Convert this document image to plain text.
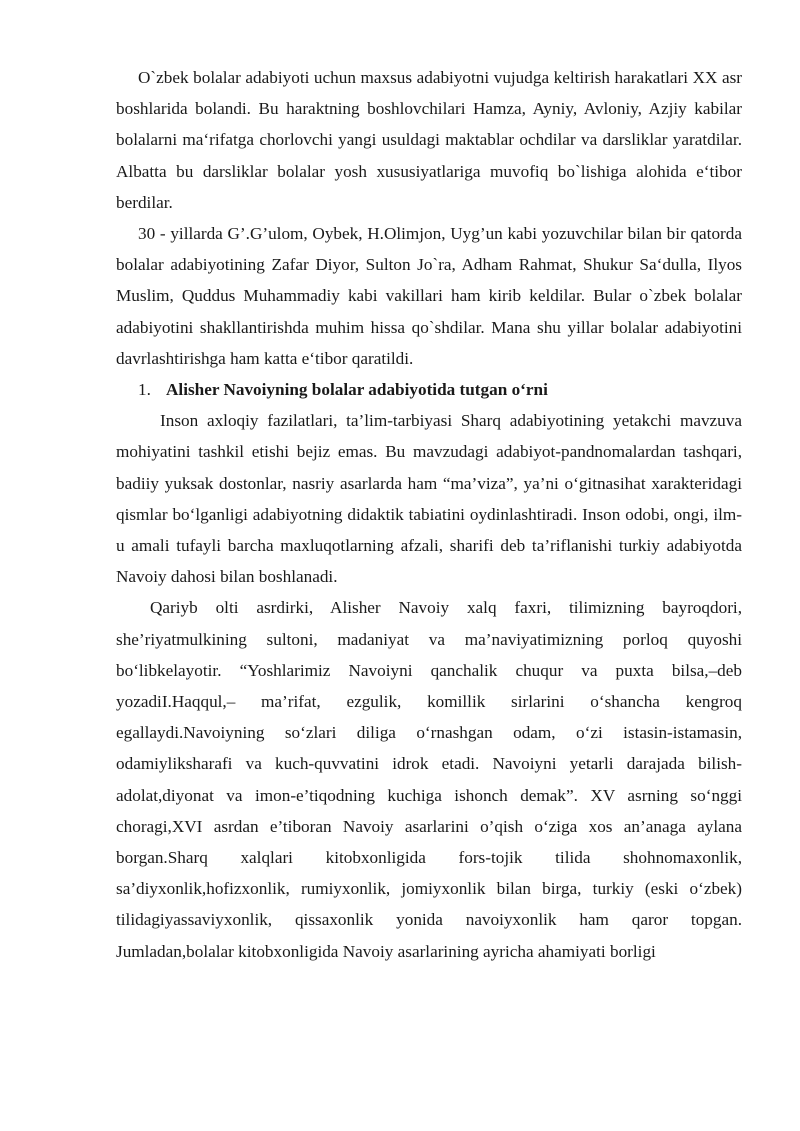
O`zbek bolalar adabiyoti uchun maxsus adabiyotni vujudga keltirish harakatlari XX asr boshlarida bolandi. Bu haraktning boshlovchilari Hamza, Ayniy, Avloniy, Azjiy kabilar bolalarni maʻrifatga chorlovchi yangi usuldagi maktablar ochdilar va darsliklar yaratdilar. Albatta bu darsliklar bolalar yosh xususiyatlariga muvofiq bo`lishiga alohida eʻtibor berdilar.

30 - yillarda G’.G’ulom, Oybek, H.Olimjon, Uyg’un kabi yozuvchilar bilan bir qatorda bolalar adabiyotining Zafar Diyor, Sulton Jo`ra, Adham Rahmat, Shukur Saʻdulla, Ilyos Muslim, Quddus Muhammadiy kabi vakillari ham kirib keldilar. Bular o`zbek bolalar adabiyotini shakllantirishda muhim hissa qo`shdilar. Mana shu yillar bolalar adabiyotini davrlashtirishga ham katta eʻtibor qaratildi.

1. Alisher Navoiyning bolalar adabiyotida tutgan oʻrni

Inson axloqiy fazilatlari, ta’lim-tarbiyasi Sharq adabiyotining yetakchi mavzuva mohiyatini tashkil etishi bejiz emas. Bu mavzudagi adabiyot-pandnomalardan tashqari, badiiy yuksak dostonlar, nasriy asarlarda ham “ma’viza”, ya’ni oʻgitnasihat xarakteridagi qismlar boʻlganligi adabiyotning didaktik tabiatini oydinlashtiradi. Inson odobi, ongi, ilm-u amali tufayli barcha maxluqotlarning afzali, sharifi deb ta’riflanishi turkiy adabiyotda Navoiy dahosi bilan boshlanadi.

Qariyb olti asrdirki, Alisher Navoiy xalq faxri, tilimizning bayroqdori, she’riyatmulkining sultoni, madaniyat va ma’naviyatimizning porloq quyoshi boʻlibkelayotir. “Yoshlarimiz Navoiyni qanchalik chuqur va puxta bilsa,–deb yozadiI.Haqqul,– ma’rifat, ezgulik, komillik sirlarini oʻshancha kengroq egallaydi.Navoiyning soʻzlari diliga oʻrnashgan odam, oʻzi istasin-istamasin, odamiyliksharafi va kuch-quvvatini idrok etadi. Navoiyni yetarli darajada bilish-adolat,diyonat va imon-e’tiqodning kuchiga ishonch demak”. XV asrning soʻnggi choragi,XVI asrdan e’tiboran Navoiy asarlarini o’qish oʻziga xos an’anaga aylana borgan.Sharq xalqlari kitobxonligida fors-tojik tilida shohnomaxonlik, sa’diyxonlik,hofizxonlik, rumiyxonlik, jomiyxonlik bilan birga, turkiy (eski oʻzbek) tilidagiyassaviyxonlik, qissaxonlik yonida navoiyxonlik ham qaror topgan. Jumladan,bolalar kitobxonligida Navoiy asarlarining ayricha ahamiyati borligi
